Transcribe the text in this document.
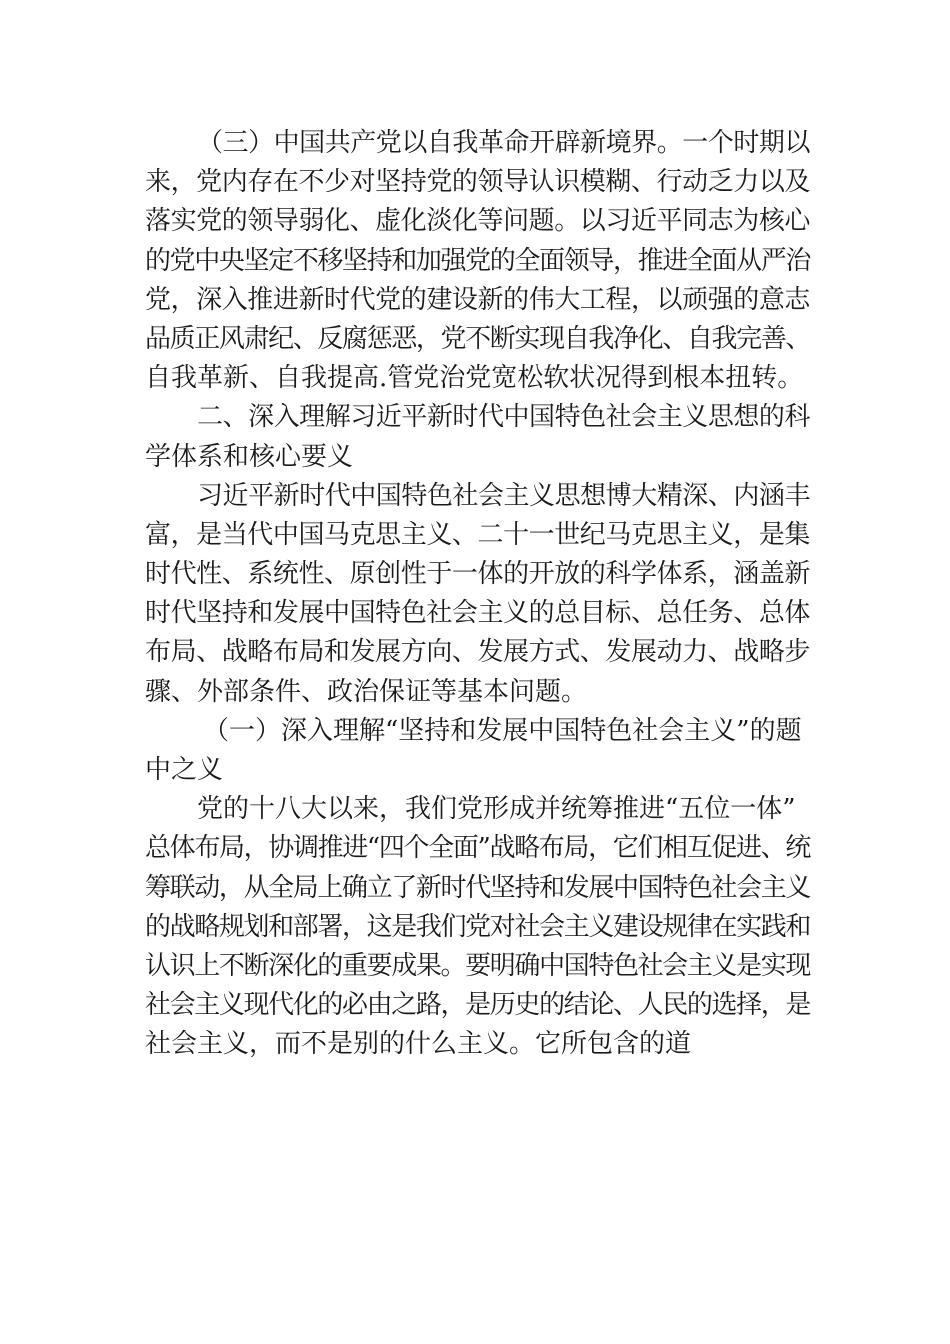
（三）中国共产党以自我革命开辟新境界。一个时期以
来，党内存在不少对坚持党的领导认识模糊、行动乏力以及
落实党的领导弱化、虚化淡化等问题。以习近平同志为核心
的党中央坚定不移坚持和加强党的全面领导，推进全面从严治
党，深入推进新时代党的建设新的伟大工程，以顽强的意志
品质正风肃纪、反腐惩恶，党不断实现自我净化、自我完善、
自我革新、自我提高.管党治党宽松软状况得到根本扭转。
二、深入理解习近平新时代中国特色社会主义思想的科
学体系和核心要义
习近平新时代中国特色社会主义思想博大精深、内涵丰
富，是当代中国马克思主义、二十一世纪马克思主义，是集
时代性、系统性、原创性于一体的开放的科学体系，涵盖新
时代坚持和发展中国特色社会主义的总目标、总任务、总体
布局、战略布局和发展方向、发展方式、发展动力、战略步
骤、外部条件、政治保证等基本问题。
（一）深入理解“坚持和发展中国特色社会主义”的题
中之义
党的十八大以来，我们党形成并统筹推进“五位一体”
总体布局，协调推进“四个全面”战略布局，它们相互促进、统
筹联动，从全局上确立了新时代坚持和发展中国特色社会主义
的战略规划和部署，这是我们党对社会主义建设规律在实践和
认识上不断深化的重要成果。要明确中国特色社会主义是实现
社会主义现代化的必由之路，是历史的结论、人民的选择，是
社会主义，而不是别的什么主义。它所包含的道
